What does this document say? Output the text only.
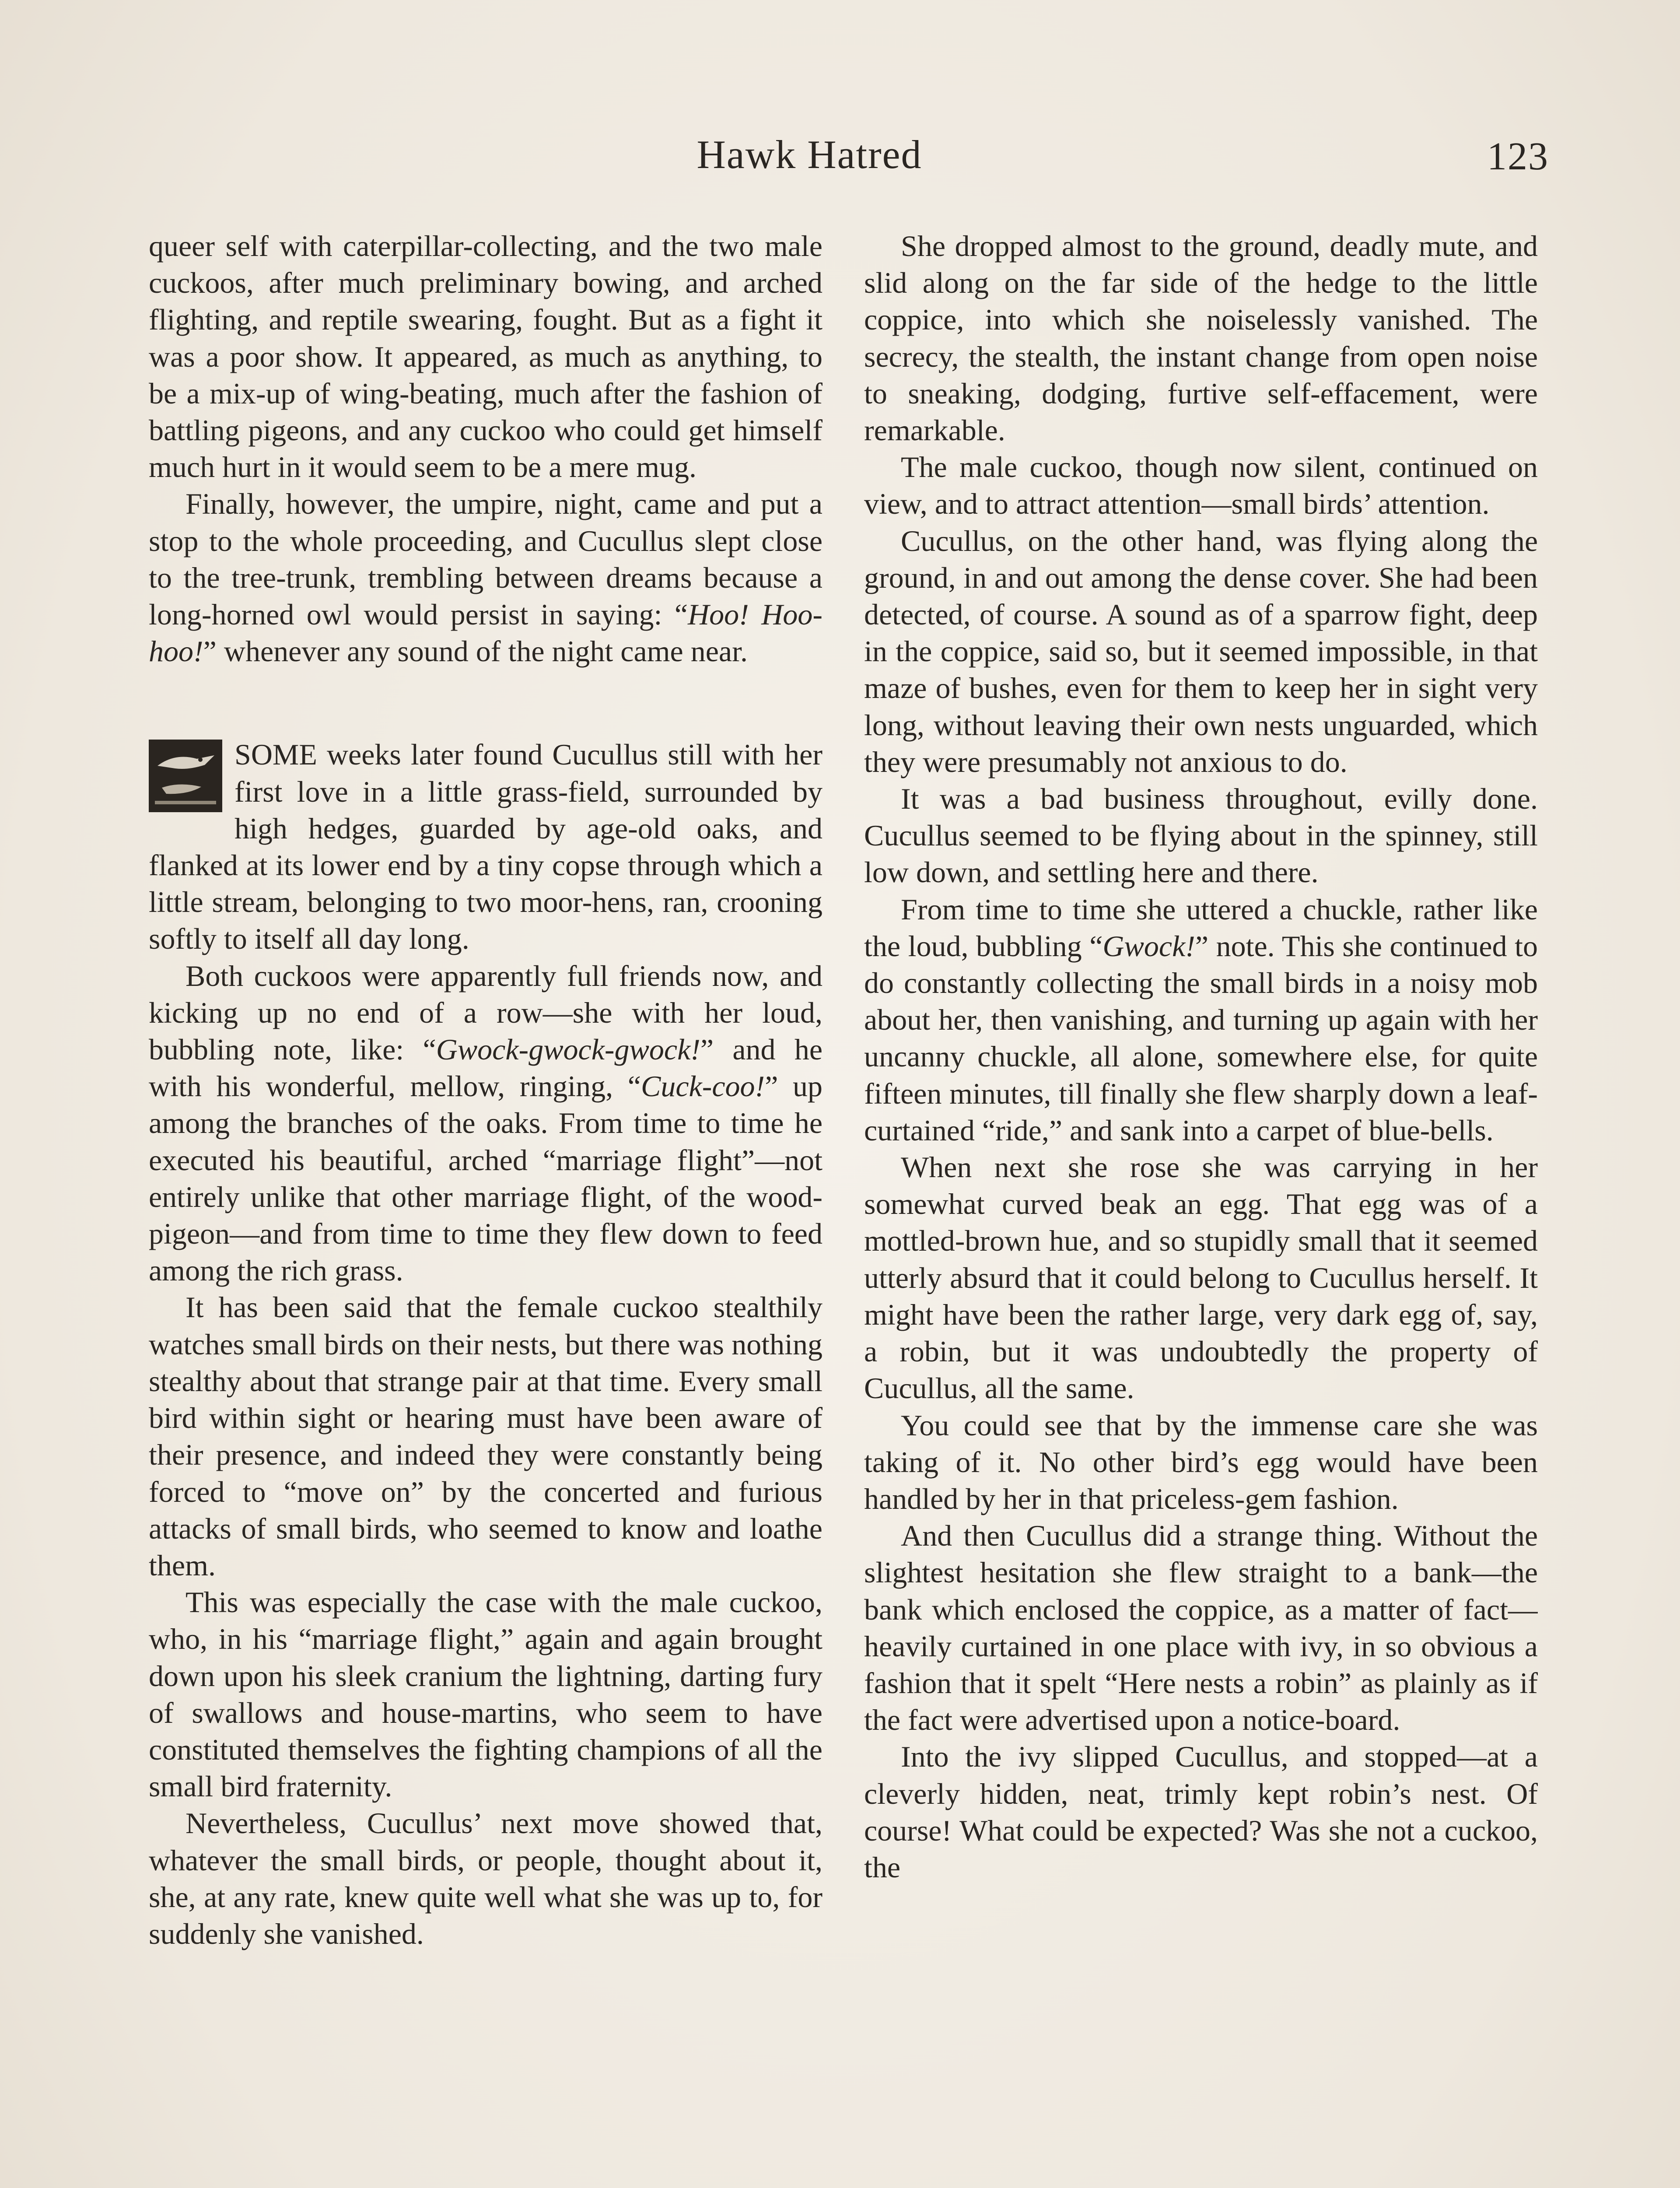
Hawk Hatred	123

queer self with caterpillar-collecting, and the two male cuckoos, after much preliminary bowing, and arched flighting, and reptile swearing, fought. But as a fight it was a poor show. It appeared, as much as anything, to be a mix-up of wing-beating, much after the fashion of battling pigeons, and any cuckoo who could get himself much hurt in it would seem to be a mere mug.

Finally, however, the umpire, night, came and put a stop to the whole proceeding, and Cucullus slept close to the tree-trunk, trembling between dreams because a long-horned owl would persist in saying: “Hoo! Hoo-hoo!” whenever any sound of the night came near.

SOME weeks later found Cucullus still with her first love in a little grass-field, surrounded by high hedges, guarded by age-old oaks, and flanked at its lower end by a tiny copse through which a little stream, belonging to two moor-hens, ran, crooning softly to itself all day long.

Both cuckoos were apparently full friends now, and kicking up no end of a row—she with her loud, bubbling note, like: “Gwock-gwock-gwock!” and he with his wonderful, mellow, ringing, “Cuck-coo!” up among the branches of the oaks. From time to time he executed his beautiful, arched “marriage flight”—not entirely unlike that other marriage flight, of the wood-pigeon—and from time to time they flew down to feed among the rich grass.

It has been said that the female cuckoo stealthily watches small birds on their nests, but there was nothing stealthy about that strange pair at that time. Every small bird within sight or hearing must have been aware of their presence, and indeed they were constantly being forced to “move on” by the concerted and furious attacks of small birds, who seemed to know and loathe them.

This was especially the case with the male cuckoo, who, in his “marriage flight,” again and again brought down upon his sleek cranium the lightning, darting fury of swallows and house-martins, who seem to have constituted themselves the fighting champions of all the small bird fraternity.

Nevertheless, Cucullus’ next move showed that, whatever the small birds, or people, thought about it, she, at any rate, knew quite well what she was up to, for suddenly she vanished.

She dropped almost to the ground, deadly mute, and slid along on the far side of the hedge to the little coppice, into which she noiselessly vanished. The secrecy, the stealth, the instant change from open noise to sneaking, dodging, furtive self-effacement, were remarkable.

The male cuckoo, though now silent, continued on view, and to attract attention—small birds’ attention.

Cucullus, on the other hand, was flying along the ground, in and out among the dense cover. She had been detected, of course. A sound as of a sparrow fight, deep in the coppice, said so, but it seemed impossible, in that maze of bushes, even for them to keep her in sight very long, without leaving their own nests unguarded, which they were presumably not anxious to do.

It was a bad business throughout, evilly done. Cucullus seemed to be flying about in the spinney, still low down, and settling here and there.

From time to time she uttered a chuckle, rather like the loud, bubbling “Gwock!” note. This she continued to do constantly collecting the small birds in a noisy mob about her, then vanishing, and turning up again with her uncanny chuckle, all alone, somewhere else, for quite fifteen minutes, till finally she flew sharply down a leaf-curtained “ride,” and sank into a carpet of blue-bells.

When next she rose she was carrying in her somewhat curved beak an egg. That egg was of a mottled-brown hue, and so stupidly small that it seemed utterly absurd that it could belong to Cucullus herself. It might have been the rather large, very dark egg of, say, a robin, but it was undoubtedly the property of Cucullus, all the same.

You could see that by the immense care she was taking of it. No other bird’s egg would have been handled by her in that priceless-gem fashion.

And then Cucullus did a strange thing. Without the slightest hesitation she flew straight to a bank—the bank which enclosed the coppice, as a matter of fact—heavily curtained in one place with ivy, in so obvious a fashion that it spelt “Here nests a robin” as plainly as if the fact were advertised upon a notice-board.

Into the ivy slipped Cucullus, and stopped—at a cleverly hidden, neat, trimly kept robin’s nest. Of course! What could be expected? Was she not a cuckoo, the
